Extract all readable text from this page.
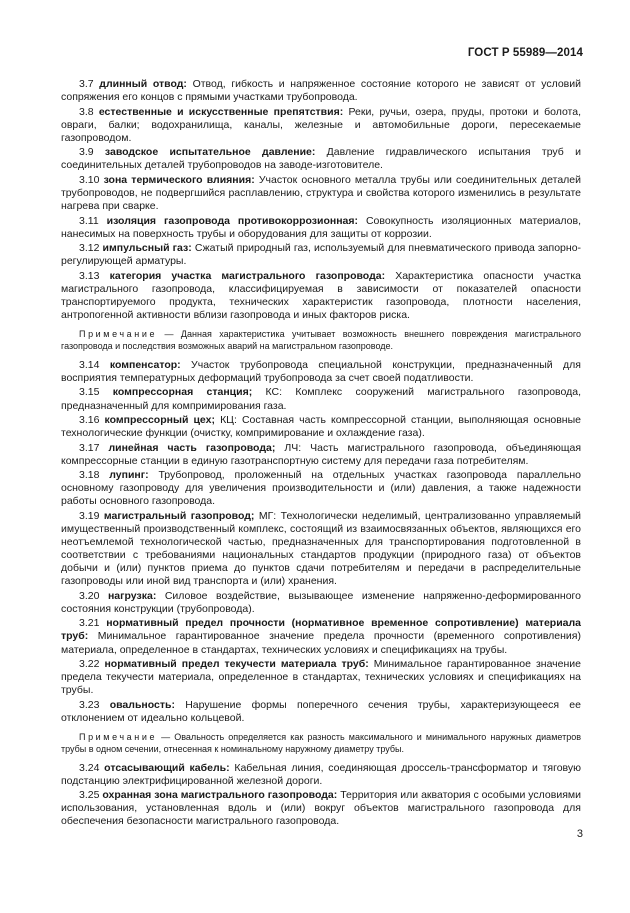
ГОСТ Р 55989—2014

3.7 длинный отвод: Отвод, гибкость и напряженное состояние которого не зависят от условий сопряжения его концов с прямыми участками трубопровода.

3.8 естественные и искусственные препятствия: Реки, ручьи, озера, пруды, протоки и болота, овраги, балки; водохранилища, каналы, железные и автомобильные дороги, пересекаемые газопроводом.

3.9 заводское испытательное давление: Давление гидравлического испытания труб и соединительных деталей трубопроводов на заводе-изготовителе.

3.10 зона термического влияния: Участок основного металла трубы или соединительных деталей трубопроводов, не подвергшийся расплавлению, структура и свойства которого изменились в результате нагрева при сварке.

3.11 изоляция газопровода противокоррозионная: Совокупность изоляционных материалов, нанесимых на поверхность трубы и оборудования для защиты от коррозии.

3.12 импульсный газ: Сжатый природный газ, используемый для пневматического привода запорно-регулирующей арматуры.

3.13 категория участка магистрального газопровода: Характеристика опасности участка магистрального газопровода, классифицируемая в зависимости от показателей опасности транспортируемого продукта, технических характеристик газопровода, плотности населения, антропогенной активности вблизи газопровода и иных факторов риска.

Примечание — Данная характеристика учитывает возможность внешнего повреждения магистрального газопровода и последствия возможных аварий на магистральном газопроводе.

3.14 компенсатор: Участок трубопровода специальной конструкции, предназначенный для восприятия температурных деформаций трубопровода за счет своей податливости.

3.15 компрессорная станция; КС: Комплекс сооружений магистрального газопровода, предназначенный для компримирования газа.

3.16 компрессорный цех; КЦ: Составная часть компрессорной станции, выполняющая основные технологические функции (очистку, компримирование и охлаждение газа).

3.17 линейная часть газопровода; ЛЧ: Часть магистрального газопровода, объединяющая компрессорные станции в единую газотранспортную систему для передачи газа потребителям.

3.18 лупинг: Трубопровод, проложенный на отдельных участках газопровода параллельно основному газопроводу для увеличения производительности и (или) давления, а также надежности работы основного газопровода.

3.19 магистральный газопровод; МГ: Технологически неделимый, централизованно управляемый имущественный производственный комплекс, состоящий из взаимосвязанных объектов, являющихся его неотъемлемой технологической частью, предназначенных для транспортирования подготовленной в соответствии с требованиями национальных стандартов продукции (природного газа) от объектов добычи и (или) пунктов приема до пунктов сдачи потребителям и передачи в распределительные газопроводы или иной вид транспорта и (или) хранения.

3.20 нагрузка: Силовое воздействие, вызывающее изменение напряженно-деформированного состояния конструкции (трубопровода).

3.21 нормативный предел прочности (нормативное временное сопротивление) материала труб: Минимальное гарантированное значение предела прочности (временного сопротивления) материала, определенное в стандартах, технических условиях и спецификациях на трубы.

3.22 нормативный предел текучести материала труб: Минимальное гарантированное значение предела текучести материала, определенное в стандартах, технических условиях и спецификациях на трубы.

3.23 овальность: Нарушение формы поперечного сечения трубы, характеризующееся ее отклонением от идеально кольцевой.

Примечание — Овальность определяется как разность максимального и минимального наружных диаметров трубы в одном сечении, отнесенная к номинальному наружному диаметру трубы.

3.24 отсасывающий кабель: Кабельная линия, соединяющая дроссель-трансформатор и тяговую подстанцию электрифицированной железной дороги.

3.25 охранная зона магистрального газопровода: Территория или акватория с особыми условиями использования, установленная вдоль и (или) вокруг объектов магистрального газопровода для обеспечения безопасности магистрального газопровода.

3
